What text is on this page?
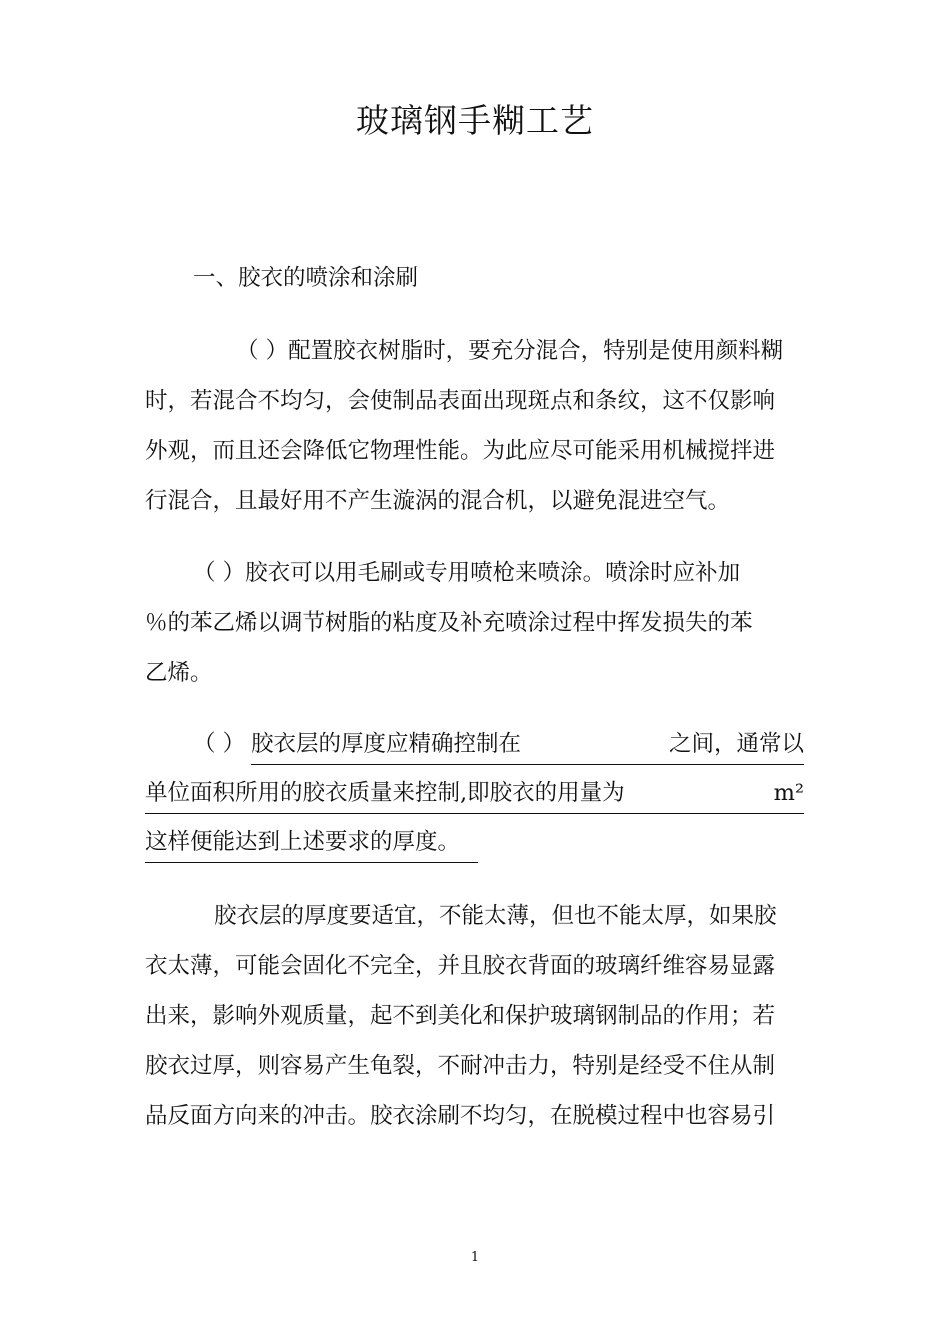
玻璃钢手糊工艺
一、胶衣的喷涂和涂刷
（ ）配置胶衣树脂时，要充分混合，特别是使用颜料糊
时，若混合不均匀，会使制品表面出现斑点和条纹，这不仅影响
外观，而且还会降低它物理性能。为此应尽可能采用机械搅拌进
行混合，且最好用不产生漩涡的混合机，以避免混进空气。
（ ）胶衣可以用毛刷或专用喷枪来喷涂。喷涂时应补加
％的苯乙烯以调节树脂的粘度及补充喷涂过程中挥发损失的苯
乙烯。
（ ） 胶衣层的厚度应精确控制在	之间，通常以
单位面积所用的胶衣质量来控制,即胶衣的用量为	m²
这样便能达到上述要求的厚度。
胶衣层的厚度要适宜，不能太薄，但也不能太厚，如果胶
衣太薄，可能会固化不完全，并且胶衣背面的玻璃纤维容易显露
出来，影响外观质量，起不到美化和保护玻璃钢制品的作用；若
胶衣过厚，则容易产生龟裂，不耐冲击力，特别是经受不住从制
品反面方向来的冲击。胶衣涂刷不均匀，在脱模过程中也容易引
1
